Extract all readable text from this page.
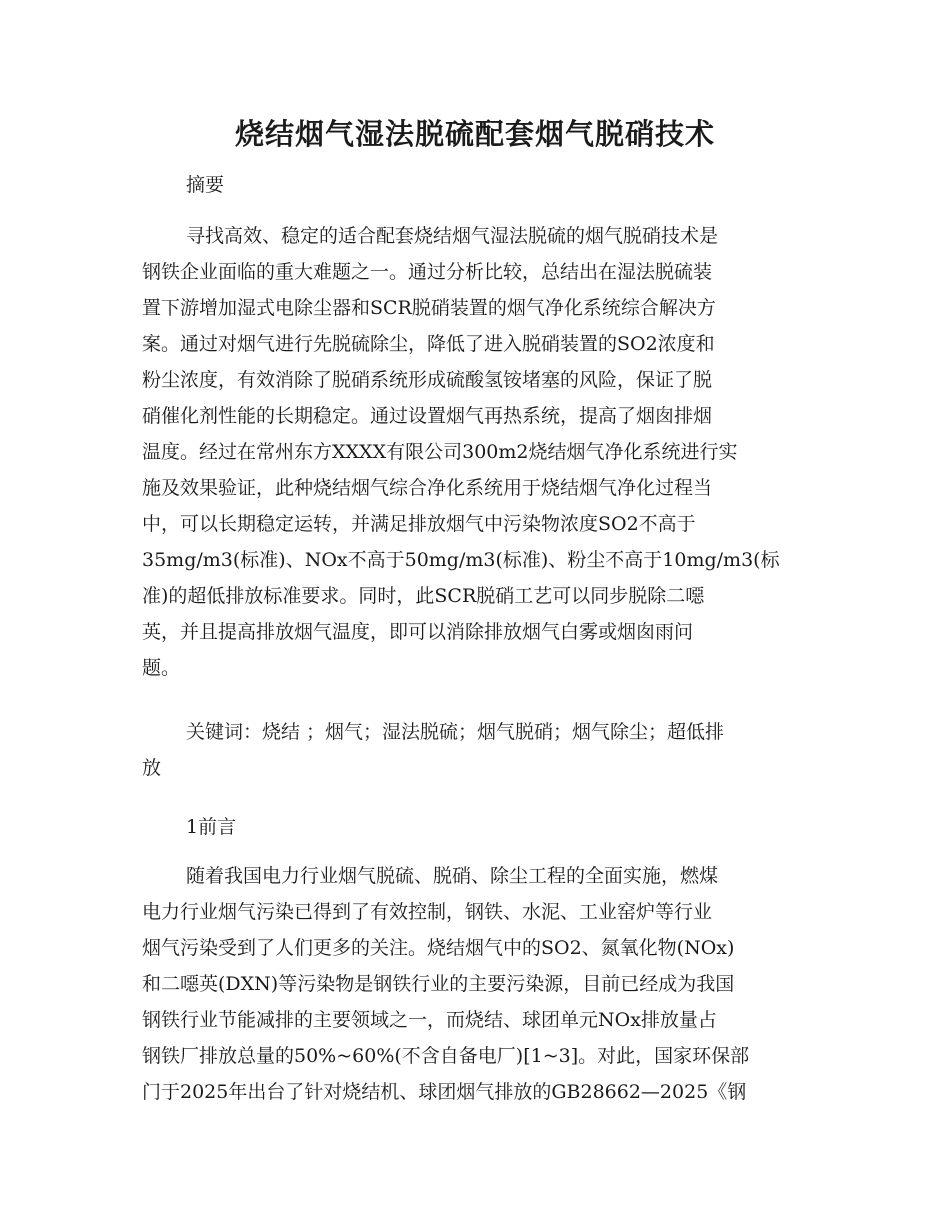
烧结烟气湿法脱硫配套烟气脱硝技术

摘要

寻找高效、稳定的适合配套烧结烟气湿法脱硫的烟气脱硝技术是
钢铁企业面临的重大难题之一。通过分析比较，总结出在湿法脱硫装
置下游增加湿式电除尘器和SCR脱硝装置的烟气净化系统综合解决方
案。通过对烟气进行先脱硫除尘，降低了进入脱硝装置的SO2浓度和
粉尘浓度，有效消除了脱硝系统形成硫酸氢铵堵塞的风险，保证了脱
硝催化剂性能的长期稳定。通过设置烟气再热系统，提高了烟囱排烟
温度。经过在常州东方XXXX有限公司300m2烧结烟气净化系统进行实
施及效果验证，此种烧结烟气综合净化系统用于烧结烟气净化过程当
中，可以长期稳定运转，并满足排放烟气中污染物浓度SO2不高于
35mg/m3(标准)、NOx不高于50mg/m3(标准)、粉尘不高于10mg/m3(标
准)的超低排放标准要求。同时，此SCR脱硝工艺可以同步脱除二噁
英，并且提高排放烟气温度，即可以消除排放烟气白雾或烟囱雨问
题。
关键词：烧结 ；烟气；湿法脱硫；烟气脱硝；烟气除尘；超低排
放

1前言

随着我国电力行业烟气脱硫、脱硝、除尘工程的全面实施，燃煤
电力行业烟气污染已得到了有效控制，钢铁、水泥、工业窑炉等行业
烟气污染受到了人们更多的关注。烧结烟气中的SO2、氮氧化物(NOx)
和二噁英(DXN)等污染物是钢铁行业的主要污染源，目前已经成为我国
钢铁行业节能减排的主要领域之一，而烧结、球团单元NOx排放量占
钢铁厂排放总量的50%~60%(不含自备电厂)[1~3]。对此，国家环保部
门于2025年出台了针对烧结机、球团烟气排放的GB28662—2025《钢
